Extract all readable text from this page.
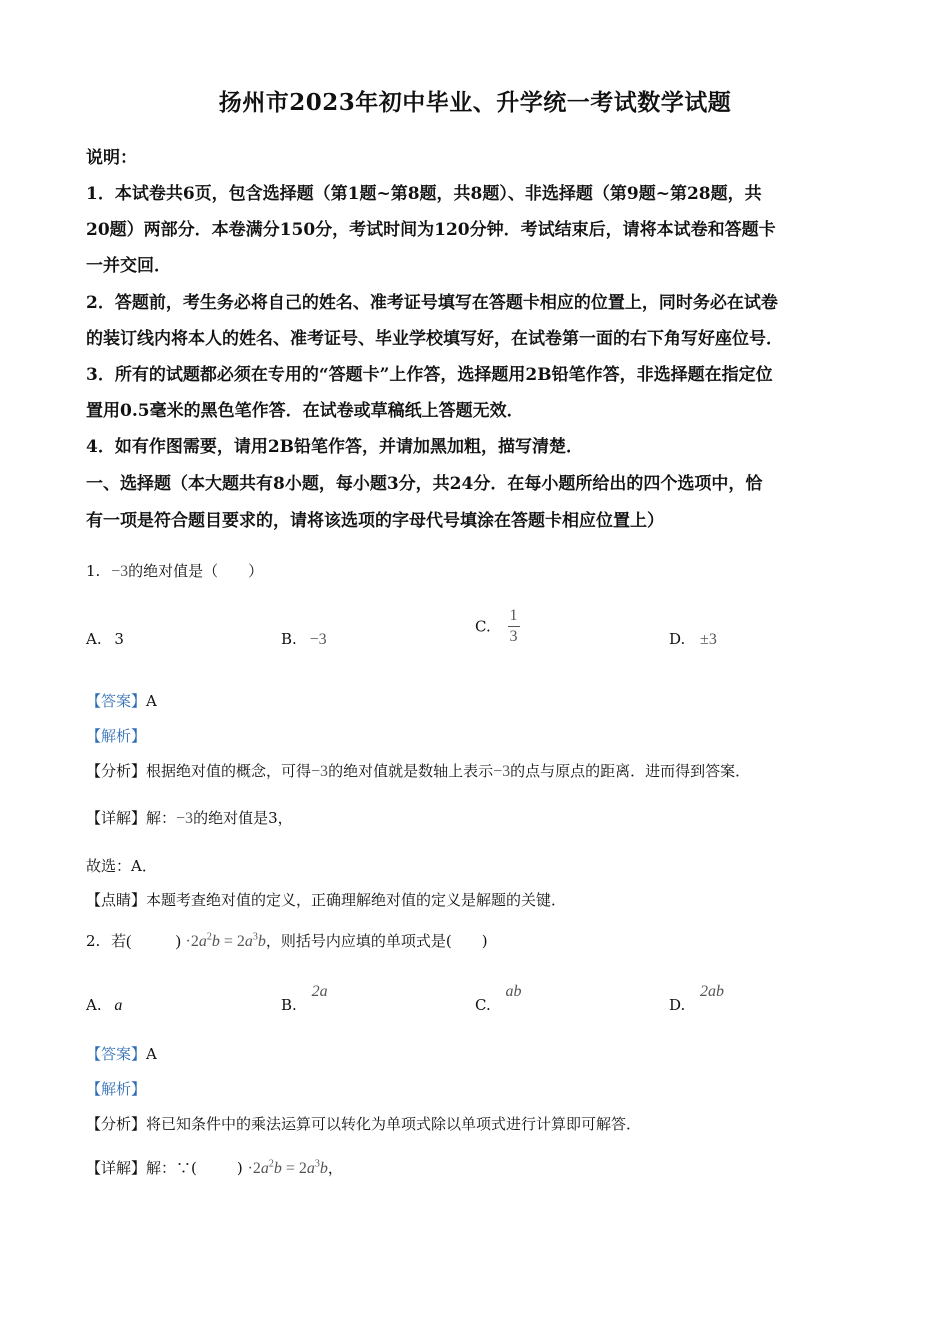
扬州市2023年初中毕业、升学统一考试数学试题
说明：
1．本试卷共6页，包含选择题（第1题~第8题，共8题）、非选择题（第9题~第28题，共
20题）两部分．本卷满分150分，考试时间为120分钟．考试结束后，请将本试卷和答题卡
一并交回．
2．答题前，考生务必将自己的姓名、准考证号填写在答题卡相应的位置上，同时务必在试卷
的装订线内将本人的姓名、准考证号、毕业学校填写好，在试卷第一面的右下角写好座位号．
3．所有的试题都必须在专用的“答题卡”上作答，选择题用2B铅笔作答，非选择题在指定位
置用0.5毫米的黑色笔作答．在试卷或草稿纸上答题无效．
4．如有作图需要，请用2B铅笔作答，并请加黑加粗，描写清楚．
一、选择题（本大题共有8小题，每小题3分，共24分．在每小题所给出的四个选项中，恰
有一项是符合题目要求的，请将该选项的字母代号填涂在答题卡相应位置上）
1. −3的绝对值是（　　）
A. 3	B. −3
C. $\frac{1}{3}$	D. ±3
【答案】A
【解析】
【分析】根据绝对值的概念，可得−3的绝对值就是数轴上表示−3的点与原点的距离．进而得到答案．
【详解】解：−3的绝对值是3，
故选：A．
【点睛】本题考查绝对值的定义，正确理解绝对值的定义是解题的关键．
2. 若(	) $\cdot 2a^2b = 2a^3b$，则括号内应填的单项式是(　　)
A. a	B. 2a
C. ab
D. 2ab
【答案】A
【解析】
【分析】将已知条件中的乘法运算可以转化为单项式除以单项式进行计算即可解答．
【详解】解：∵(	) $\cdot 2a^2b = 2a^3b$，
